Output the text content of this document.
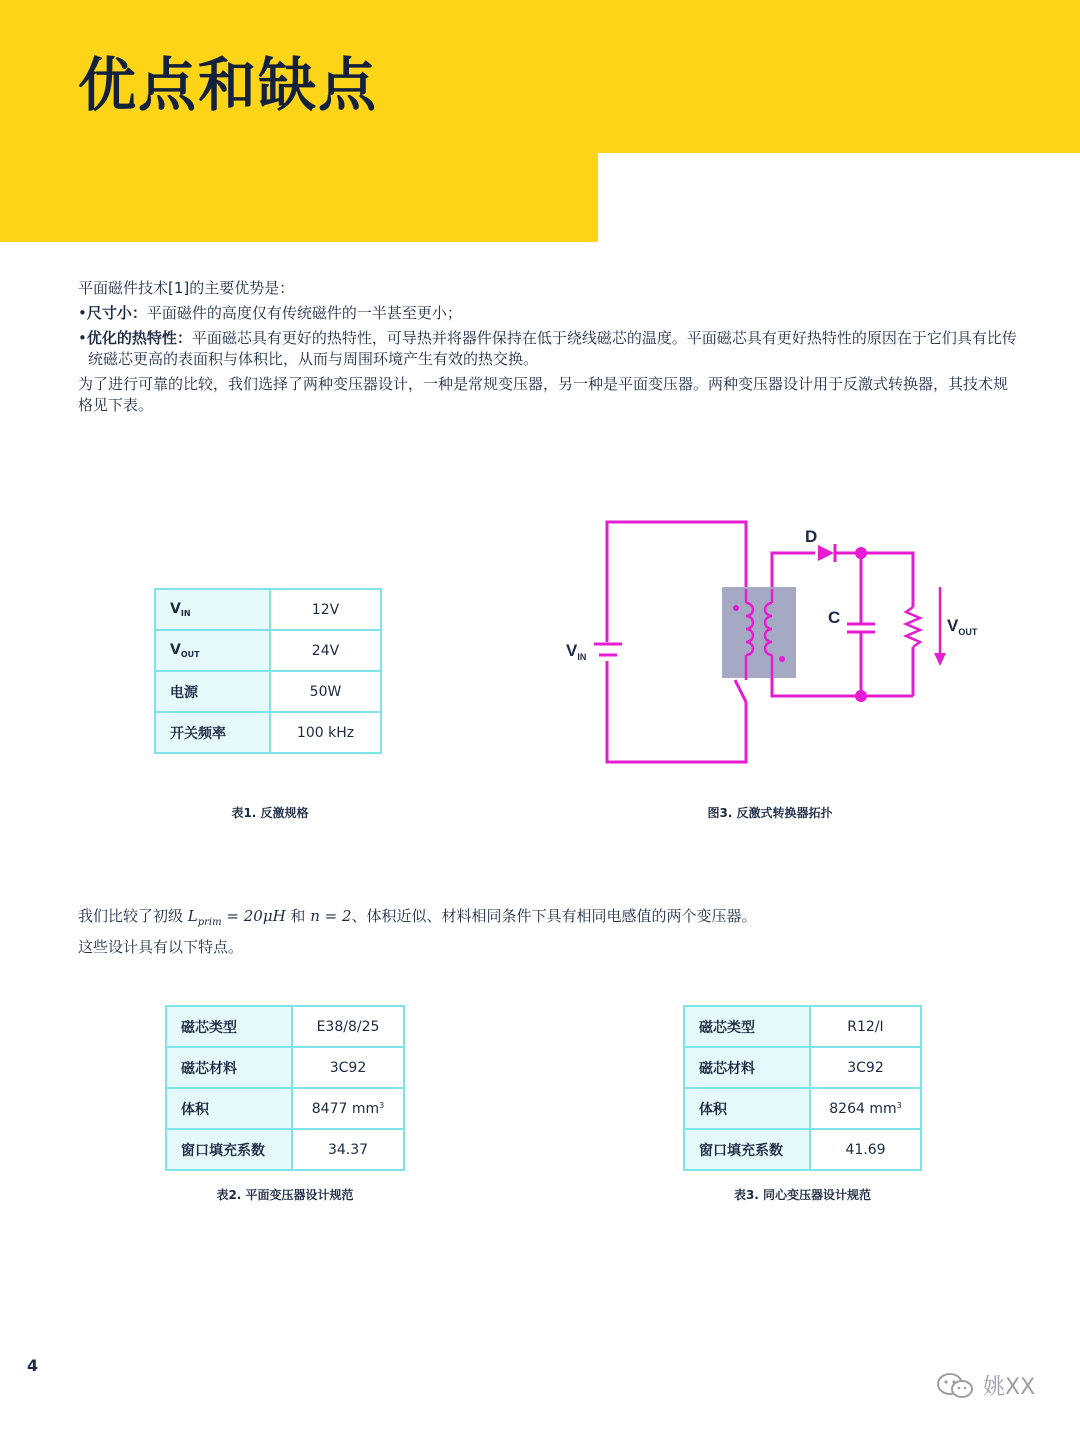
优点和缺点
平面磁件技术[1]的主要优势是：
•尺寸小：平面磁件的高度仅有传统磁件的一半甚至更小；
•优化的热特性：平面磁芯具有更好的热特性，可导热并将器件保持在低于绕线磁芯的温度。平面磁芯具有更好热特性的原因在于它们具有比传统磁芯更高的表面积与体积比，从而与周围环境产生有效的热交换。
为了进行可靠的比较，我们选择了两种变压器设计，一种是常规变压器，另一种是平面变压器。两种变压器设计用于反激式转换器，其技术规格见下表。
$V_{IN}$	12V
$V_{OUT}$	24V
电源	50W
开关频率	100 kHz
表1. 反激规格
$V_{IN}$
D
C	$V_{OUT}$
图3. 反激式转换器拓扑
我们比较了初级 $L_{prim} = 20\mu H$ 和 n = 2、体积近似、材料相同条件下具有相同电感值的两个变压器。
这些设计具有以下特点。
磁芯类型	E38/8/25
磁芯材料	3C92
体积	8477 $mm^3$
窗口填充系数	34.37
表2. 平面变压器设计规范
磁芯类型	R12/I
磁芯材料	3C92
体积	8264 $mm^3$
窗口填充系数	41.69
表3. 同心变压器设计规范
4
姚XX
